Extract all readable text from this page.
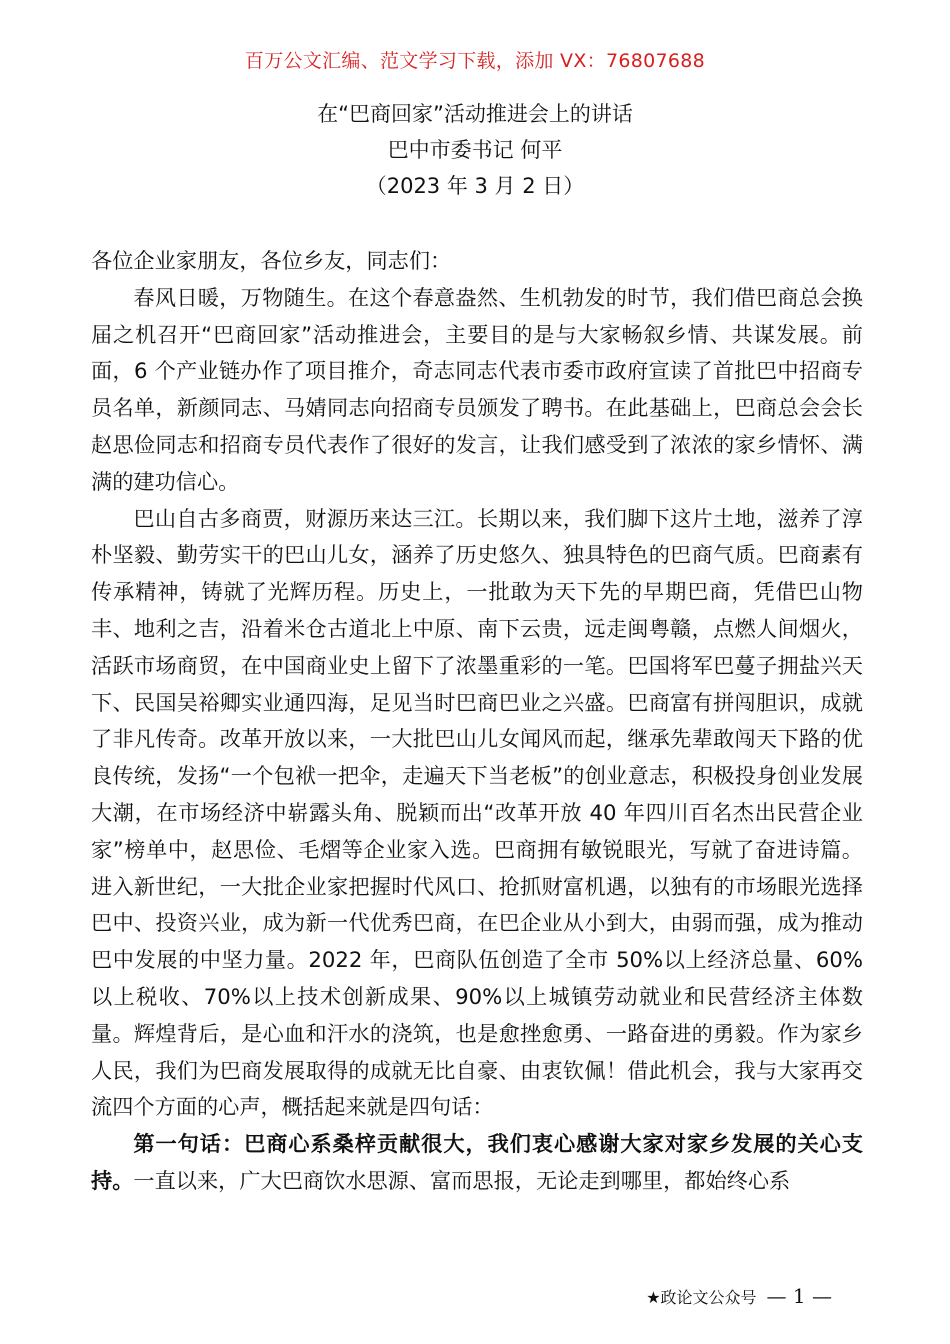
百万公文汇编、范文学习下载，添加 VX：76807688
在“巴商回家”活动推进会上的讲话
巴中市委书记 何平
（2023 年 3 月 2 日）

各位企业家朋友，各位乡友，同志们：

春风日暖，万物随生。在这个春意盎然、生机勃发的时节，我们借巴商总会换届之机召开“巴商回家”活动推进会，主要目的是与大家畅叙乡情、共谋发展。前面，6 个产业链办作了项目推介，奇志同志代表市委市政府宣读了首批巴中招商专员名单，新颜同志、马婧同志向招商专员颁发了聘书。在此基础上，巴商总会会长赵思俭同志和招商专员代表作了很好的发言，让我们感受到了浓浓的家乡情怀、满满的建功信心。

巴山自古多商贾，财源历来达三江。长期以来，我们脚下这片土地，滋养了淳朴坚毅、勤劳实干的巴山儿女，涵养了历史悠久、独具特色的巴商气质。巴商素有传承精神，铸就了光辉历程。历史上，一批敢为天下先的早期巴商，凭借巴山物丰、地利之吉，沿着米仓古道北上中原、南下云贵，远走闽粤赣，点燃人间烟火，活跃市场商贸，在中国商业史上留下了浓墨重彩的一笔。巴国将军巴蔓子拥盐兴天下、民国吴裕卿实业通四海，足见当时巴商巴业之兴盛。巴商富有拼闯胆识，成就了非凡传奇。改革开放以来，一大批巴山儿女闻风而起，继承先辈敢闯天下路的优良传统，发扬“一个包袱一把伞，走遍天下当老板”的创业意志，积极投身创业发展大潮，在市场经济中崭露头角、脱颖而出“改革开放 40 年四川百名杰出民营企业家”榜单中，赵思俭、毛熠等企业家入选。巴商拥有敏锐眼光，写就了奋进诗篇。进入新世纪，一大批企业家把握时代风口、抢抓财富机遇，以独有的市场眼光选择巴中、投资兴业，成为新一代优秀巴商，在巴企业从小到大，由弱而强，成为推动巴中发展的中坚力量。2022 年，巴商队伍创造了全市 50%以上经济总量、60%以上税收、70%以上技术创新成果、90%以上城镇劳动就业和民营经济主体数量。辉煌背后，是心血和汗水的浇筑，也是愈挫愈勇、一路奋进的勇毅。作为家乡人民，我们为巴商发展取得的成就无比自豪、由衷钦佩！借此机会，我与大家再交流四个方面的心声，概括起来就是四句话：

第一句话：巴商心系桑梓贡献很大，我们衷心感谢大家对家乡发展的关心支持。一直以来，广大巴商饮水思源、富而思报，无论走到哪里，都始终心系

★政论文公众号 — 1 —
